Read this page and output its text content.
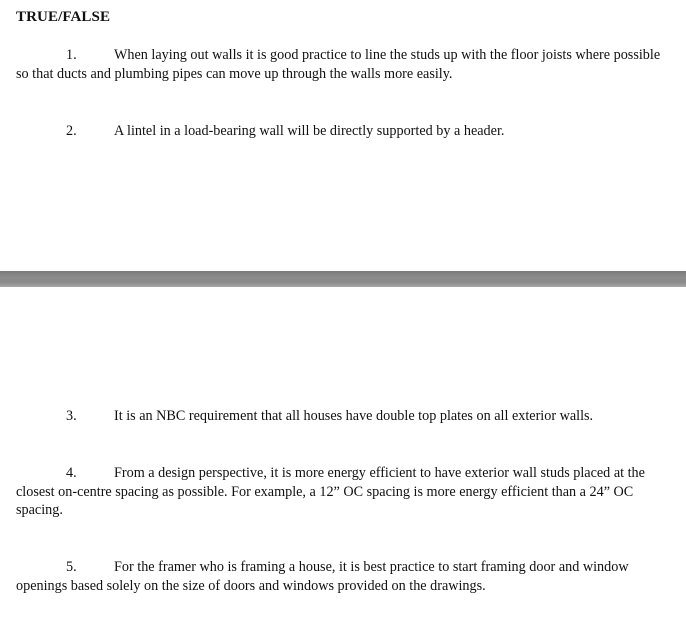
TRUE/FALSE
1.	When laying out walls it is good practice to line the studs up with the floor joists where possible so that ducts and plumbing pipes can move up through the walls more easily.
2.	A lintel in a load-bearing wall will be directly supported by a header.
3.	It is an NBC requirement that all houses have double top plates on all exterior walls.
4.	From a design perspective, it is more energy efficient to have exterior wall studs placed at the closest on-centre spacing as possible. For example, a 12” OC spacing is more energy efficient than a 24” OC spacing.
5.	For the framer who is framing a house, it is best practice to start framing door and window openings based solely on the size of doors and windows provided on the drawings.
